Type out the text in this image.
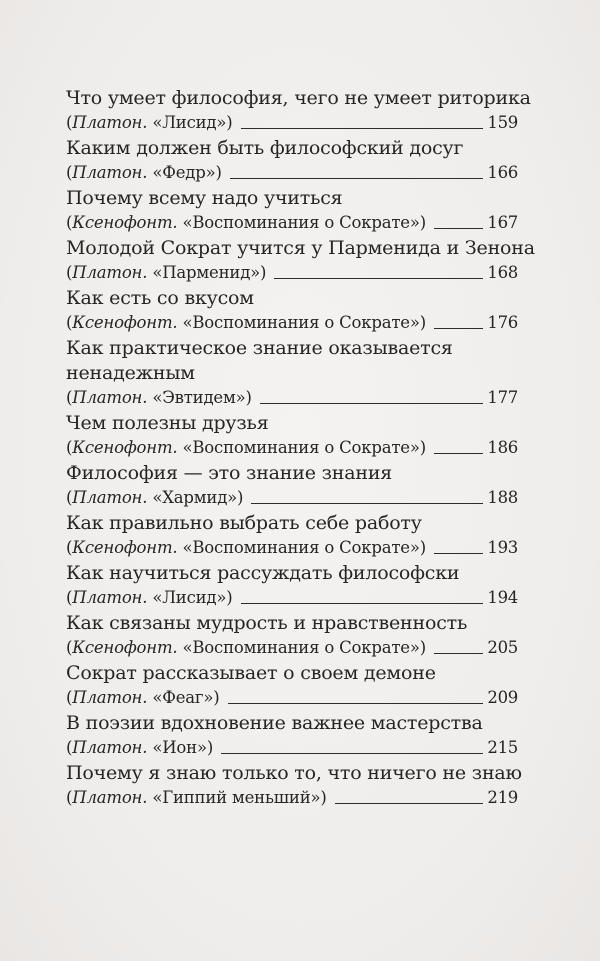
Что умеет философия, чего не умеет риторика
(Платон. «Лисид»)	159
Каким должен быть философский досуг
(Платон. «Федр»)	166
Почему всему надо учиться
(Ксенофонт. «Воспоминания о Сократе»)	167
Молодой Сократ учится у Парменида и Зенона
(Платон. «Парменид»)	168
Как есть со вкусом
(Ксенофонт. «Воспоминания о Сократе»)	176
Как практическое знание оказывается
ненадежным
(Платон. «Эвтидем»)	177
Чем полезны друзья
(Ксенофонт. «Воспоминания о Сократе»)	186
Философия — это знание знания
(Платон. «Хармид»)	188
Как правильно выбрать себе работу
(Ксенофонт. «Воспоминания о Сократе»)	193
Как научиться рассуждать философски
(Платон. «Лисид»)	194
Как связаны мудрость и нравственность
(Ксенофонт. «Воспоминания о Сократе»)	205
Сократ рассказывает о своем демоне
(Платон. «Феаг»)	209
В поэзии вдохновение важнее мастерства
(Платон. «Ион»)	215
Почему я знаю только то, что ничего не знаю
(Платон. «Гиппий меньший»)	219
